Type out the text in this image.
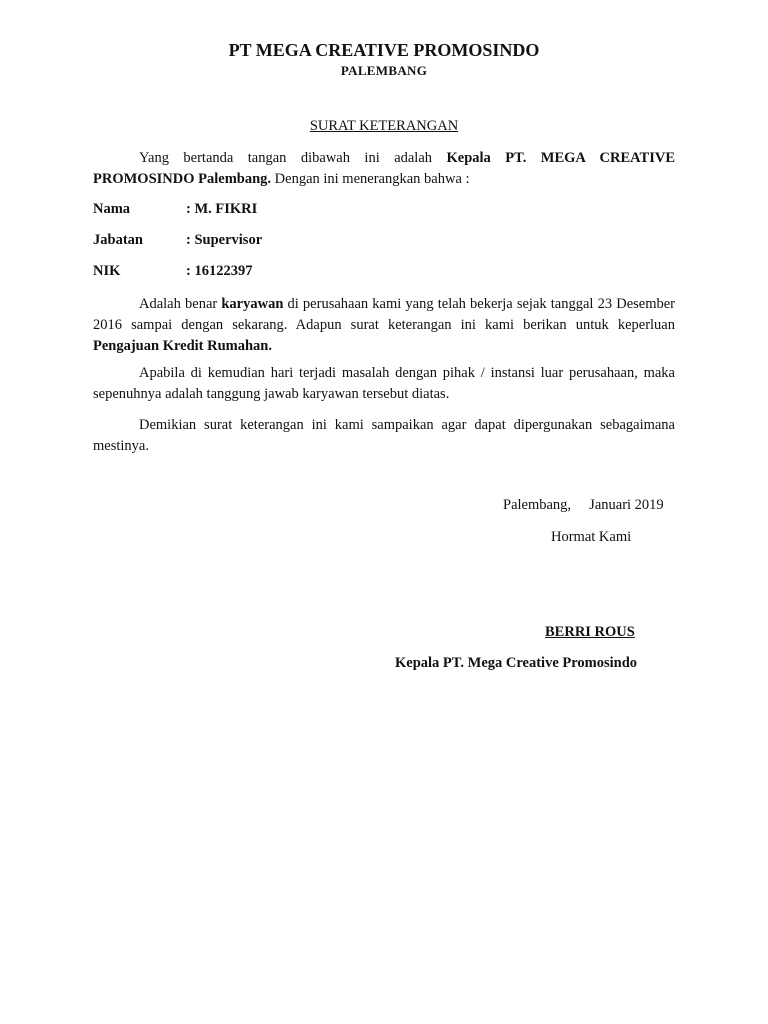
PT MEGA CREATIVE PROMOSINDO
PALEMBANG
SURAT KETERANGAN
Yang bertanda tangan dibawah ini adalah Kepala PT. MEGA CREATIVE PROMOSINDO Palembang. Dengan ini menerangkan bahwa :
Nama	: M. FIKRI
Jabatan	: Supervisor
NIK	: 16122397
Adalah benar karyawan di perusahaan kami yang telah bekerja sejak tanggal 23 Desember 2016 sampai dengan sekarang. Adapun surat keterangan ini kami berikan untuk keperluan Pengajuan Kredit Rumahan.
Apabila di kemudian hari terjadi masalah dengan pihak / instansi luar perusahaan, maka sepenuhnya adalah tanggung jawab karyawan tersebut diatas.
Demikian surat keterangan ini kami sampaikan agar dapat dipergunakan sebagaimana mestinya.
Palembang,     Januari 2019
Hormat Kami
BERRI ROUS
Kepala PT. Mega Creative Promosindo
